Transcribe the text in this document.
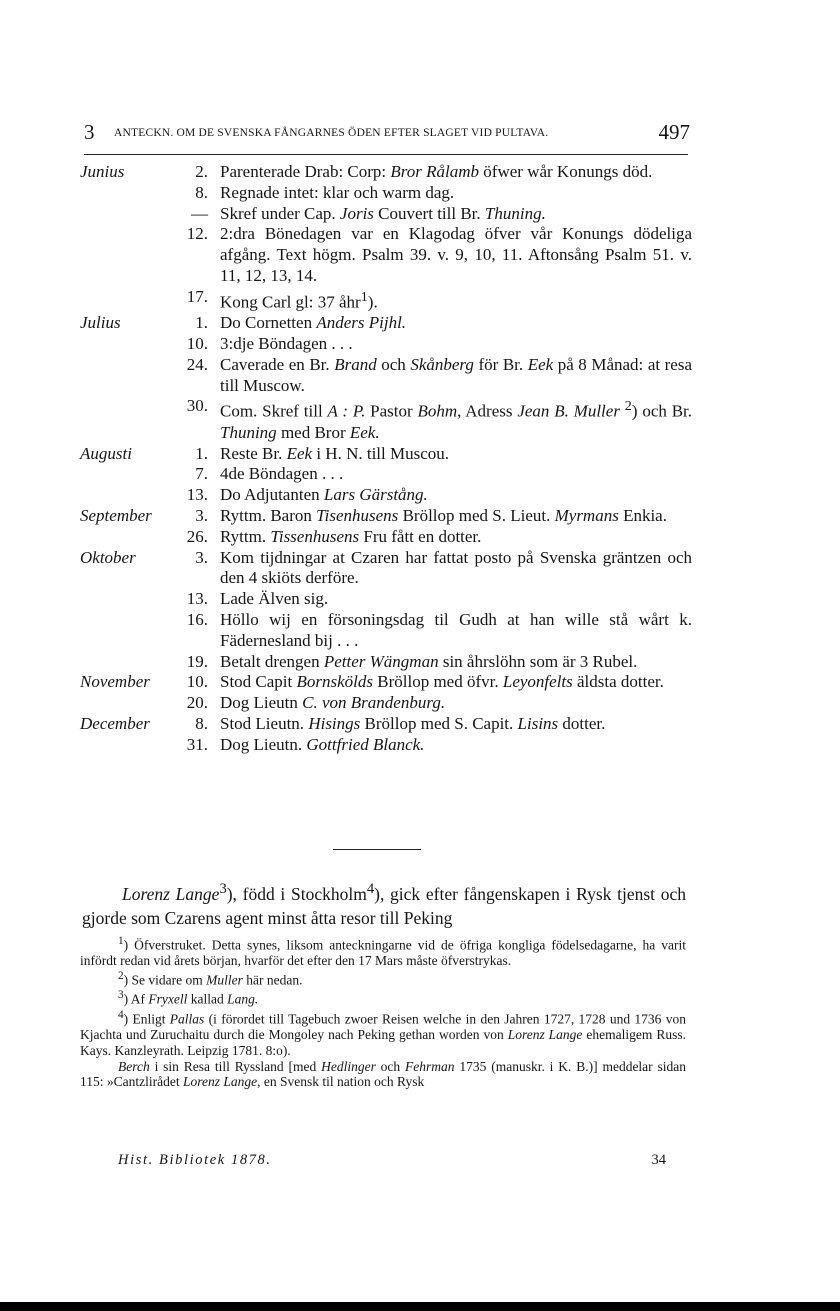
3 ANTECKN. OM DE SVENSKA FÅNGARNES ÖDEN EFTER SLAGET VID PULTAVA.	497
Junius	2. Parenterade Drab: Corp: Bror Rålamb öfwer wår Konungs död.
8. Regnade intet: klar och warm dag.
— Skref under Cap. Joris Couvert till Br. Thuning.
12. 2:dra Bönedagen var en Klagodag öfver vår Konungs dödeliga afgång. Text högm. Psalm 39. v. 9, 10, 11. Aftonsång Psalm 51. v. 11, 12, 13, 14.
17. Kong Carl gl: 37 åhr$^1$).
Julius	1. Do Cornetten Anders Pijhl.
10. 3:dje Böndagen . . .
24. Caverade en Br. Brand och Skånberg för Br. Eek på 8 Månad: at resa till Muscow.
30. Com. Skref till A : P. Pastor Bohm, Adress Jean B. Muller $^2$) och Br. Thuning med Bror Eek.
Augusti	1. Reste Br. Eek i H. N. till Muscou.
7. 4de Böndagen . . .
13. Do Adjutanten Lars Gärstång.
September	3. Ryttm. Baron Tisenhusens Bröllop med S. Lieut. Myrmans Enkia.
26. Ryttm. Tissenhusens Fru fått en dotter.
Oktober	3. Kom tijdningar at Czaren har fattat posto på Svenska gräntzen och den 4 skiöts derföre.
13. Lade Älven sig.
16. Höllo wij en försoningsdag til Gudh at han wille stå wårt k. Fädernesland bij . . .
19. Betalt drengen Petter Wängman sin åhrslöhn som är 3 Rubel.
November	10. Stod Capit Bornskölds Bröllop med öfvr. Leyonfelts äldsta dotter.
20. Dog Lieutn C. von Brandenburg.
December	8. Stod Lieutn. Hisings Bröllop med S. Capit. Lisins dotter.
31. Dog Lieutn. Gottfried Blanck.
Lorenz Lange$^3$), född i Stockholm$^4$), gick efter fångenskapen i Rysk tjenst och gjorde som Czarens agent minst åtta resor till Peking

$^1$) Öfverstruket. Detta synes, liksom anteckningarne vid de öfriga kongliga födelsedagarne, ha varit infördt redan vid årets början, hvarför det efter den 17 Mars måste öfverstrykas.

$^2$) Se vidare om Muller här nedan.

$^3$) Af Fryxell kallad Lang.

$^4$) Enligt Pallas (i förordet till Tagebuch zwoer Reisen welche in den Jahren 1727, 1728 und 1736 von Kjachta und Zuruchaitu durch die Mongoley nach Peking gethan worden von Lorenz Lange ehemaligem Russ. Kays. Kanzleyrath. Leipzig 1781. 8:o).

Berch i sin Resa till Ryssland [med Hedlinger och Fehrman 1735 (manuskr. i K. B.)] meddelar sidan 115: »Cantzlirådet Lorenz Lange, en Svensk til nation och Rysk

Hist. Bibliotek 1878.	34
